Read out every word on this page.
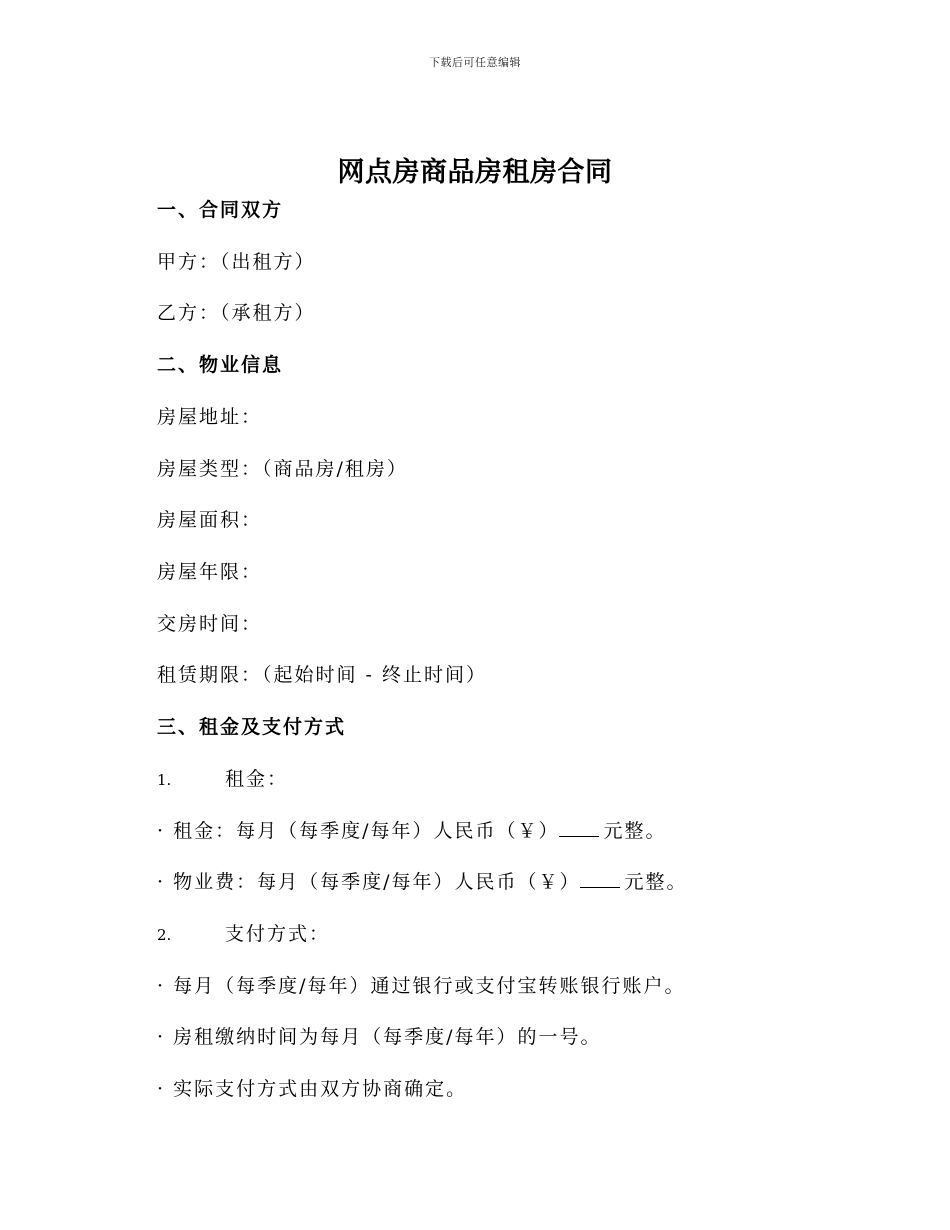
下载后可任意编辑
网点房商品房租房合同
一、合同双方
甲方：（出租方）
乙方：（承租方）
二、物业信息
房屋地址：
房屋类型：（商品房/租房）
房屋面积：
房屋年限：
交房时间：
租赁期限：（起始时间 - 终止时间）
三、租金及支付方式
1.	租金：
· 租金：每月（每季度/每年）人民币（￥） 元整。
· 物业费：每月（每季度/每年）人民币（￥） 元整。
2.	支付方式：
· 每月（每季度/每年）通过银行或支付宝转账银行账户。
· 房租缴纳时间为每月（每季度/每年）的一号。
· 实际支付方式由双方协商确定。
